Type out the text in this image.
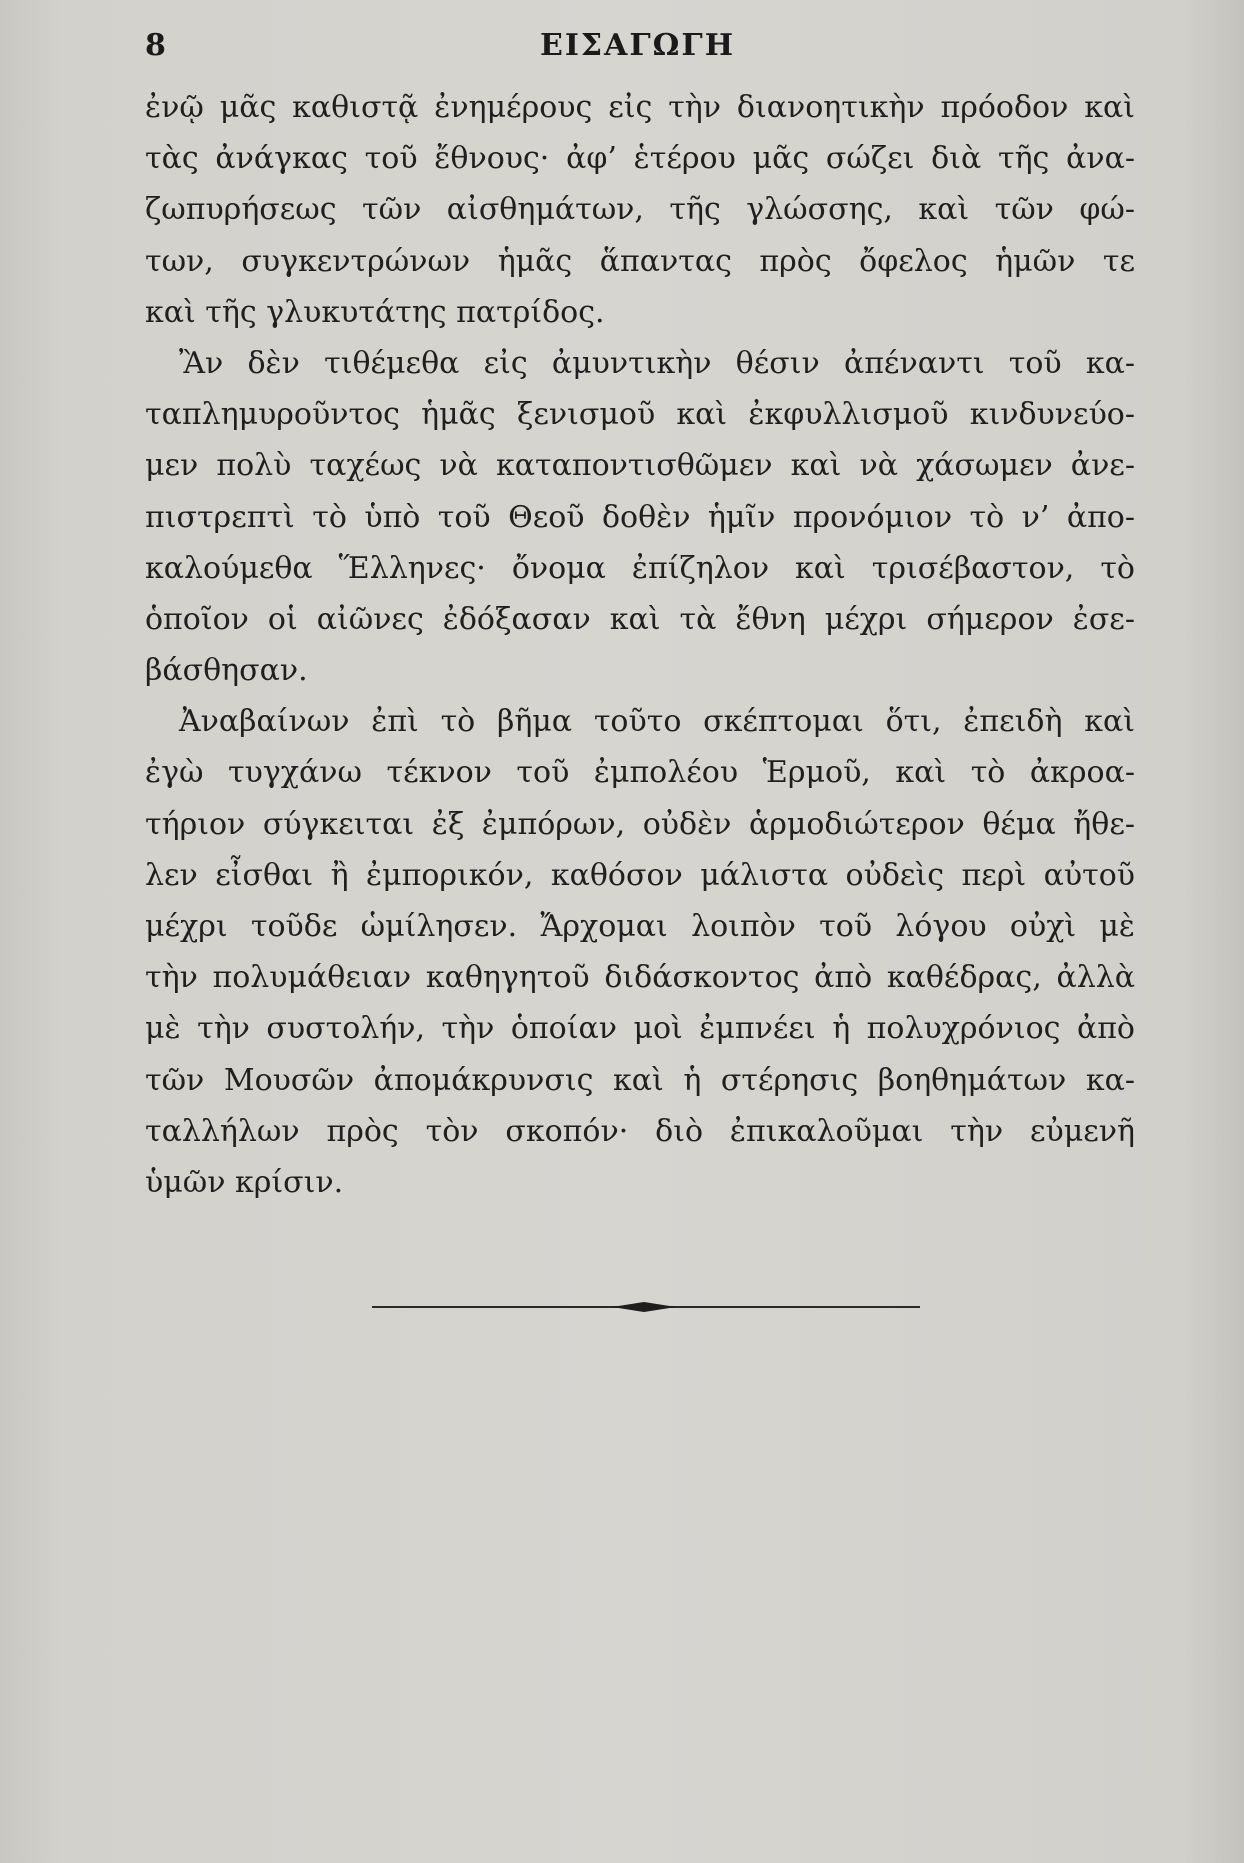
8	ΕΙΣΑΓΩΓΗ
ἐνῷ μᾶς καθιστᾷ ἐνημέρους εἰς τὴν διανοητικὴν πρόοδον καὶ
τὰς ἀνάγκας τοῦ ἔθνους· ἀφ’ ἑτέρου μᾶς σώζει διὰ τῆς ἀνα-
ζωπυρήσεως τῶν αἰσθημάτων, τῆς γλώσσης, καὶ τῶν φώ-
των, συγκεντρώνων ἡμᾶς ἅπαντας πρὸς ὄφελος ἡμῶν τε
καὶ τῆς γλυκυτάτης πατρίδος.
Ἂν δὲν τιθέμεθα εἰς ἀμυντικὴν θέσιν ἀπέναντι τοῦ κα-
ταπλημυροῦντος ἡμᾶς ξενισμοῦ καὶ ἐκφυλλισμοῦ κινδυνεύο-
μεν πολὺ ταχέως νὰ καταποντισθῶμεν καὶ νὰ χάσωμεν ἀνε-
πιστρεπτὶ τὸ ὑπὸ τοῦ Θεοῦ δοθὲν ἡμῖν προνόμιον τὸ ν’ ἀπο-
καλούμεθα Ἕλληνες· ὄνομα ἐπίζηλον καὶ τρισέβαστον, τὸ
ὁποῖον οἱ αἰῶνες ἐδόξασαν καὶ τὰ ἔθνη μέχρι σήμερον ἐσε-
βάσθησαν.
Ἀναβαίνων ἐπὶ τὸ βῆμα τοῦτο σκέπτομαι ὅτι, ἐπειδὴ καὶ
ἐγὼ τυγχάνω τέκνον τοῦ ἐμπολέου Ἑρμοῦ, καὶ τὸ ἀκροα-
τήριον σύγκειται ἐξ ἐμπόρων, οὐδὲν ἁρμοδιώτερον θέμα ἤθε-
λεν εἶσθαι ἢ ἐμπορικόν, καθόσον μάλιστα οὐδεὶς περὶ αὐτοῦ
μέχρι τοῦδε ὡμίλησεν. Ἄρχομαι λοιπὸν τοῦ λόγου οὐχὶ μὲ
τὴν πολυμάθειαν καθηγητοῦ διδάσκοντος ἀπὸ καθέδρας, ἀλλὰ
μὲ τὴν συστολήν, τὴν ὁποίαν μοὶ ἐμπνέει ἡ πολυχρόνιος ἀπὸ
τῶν Μουσῶν ἀπομάκρυνσις καὶ ἡ στέρησις βοηθημάτων κα-
ταλλήλων πρὸς τὸν σκοπόν· διὸ ἐπικαλοῦμαι τὴν εὐμενῆ
ὑμῶν κρίσιν.
